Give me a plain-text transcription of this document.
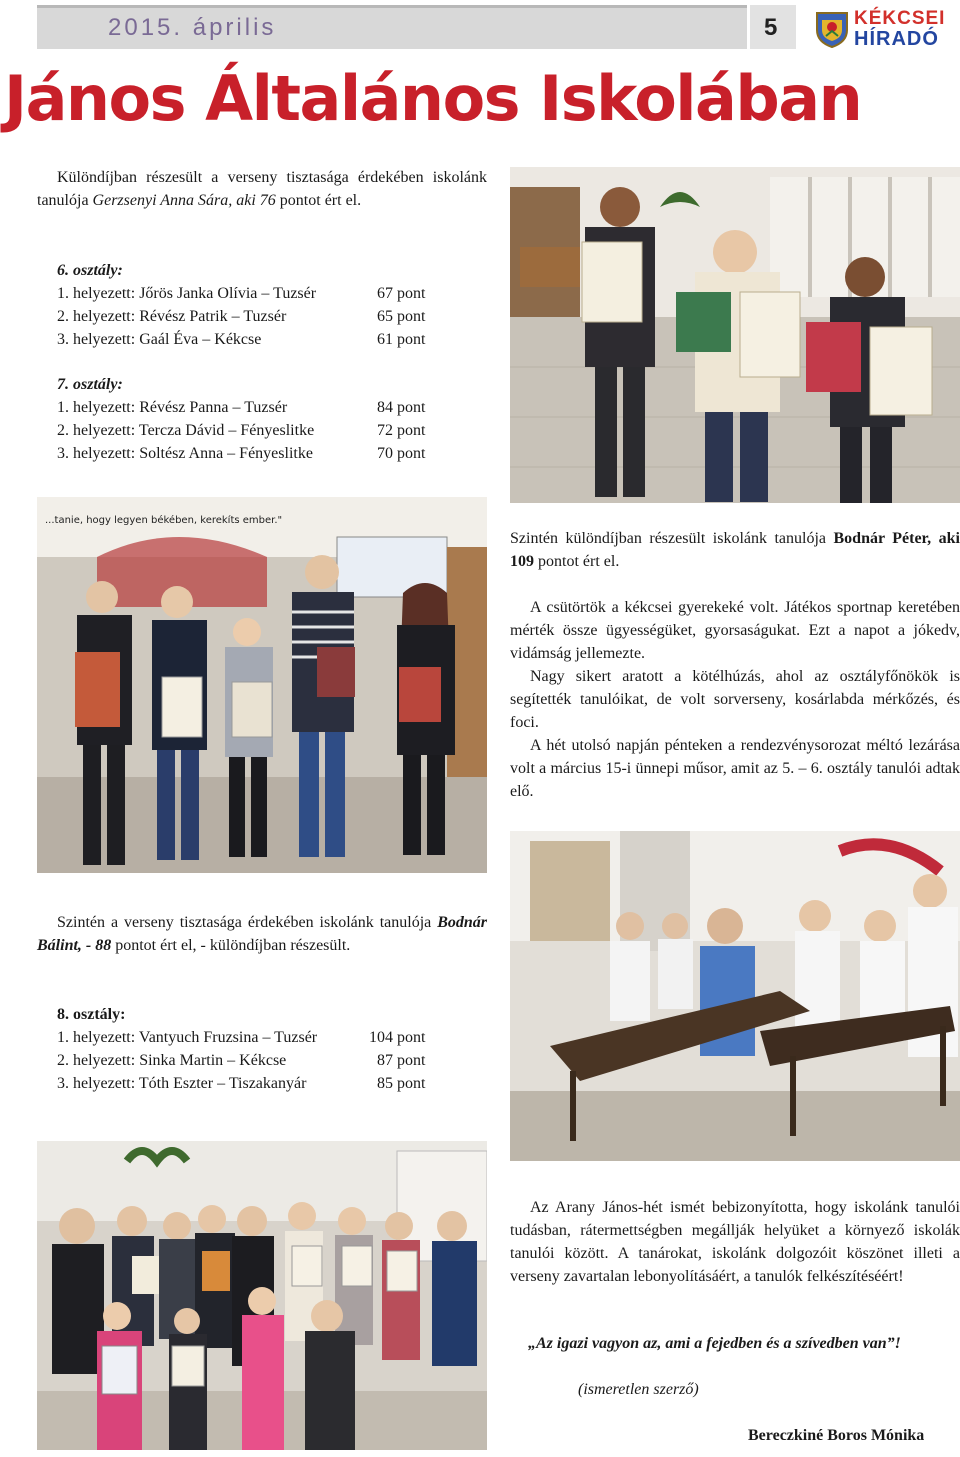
2015. április	5	KÉKCSEI
HÍRADÓ
János Általános Iskolában

Különdíjban részesült a verseny tisztasága érdekében iskolánk tanulója Gerzsenyi Anna Sára, aki 76 pontot ért el.

6. osztály:
1. helyezett: Jőrös Janka Olívia – Tuzsér	67 pont
2. helyezett: Révész Patrik – Tuzsér	65 pont
3. helyezett: Gaál Éva – Kékcse	61 pont
7. osztály:
1. helyezett: Révész Panna – Tuzsér	84 pont
2. helyezett: Tercza Dávid – Fényeslitke	72 pont
3. helyezett: Soltész Anna – Fényeslitke	70 pont
...tanie, hogy legyen békében, kerekíts ember."

Szintén különdíjban részesült iskolánk tanulója Bodnár Péter, aki 109 pontot ért el.

A csütörtök a kékcsei gyerekeké volt. Játékos sportnap keretében mérték össze ügyességüket, gyorsaságukat. Ezt a napot a jókedv, vidámság jellemezte.

Nagy sikert aratott a kötélhúzás, ahol az osztályfőnökök is segítették tanulóikat, de volt sorverseny, kosárlabda mérkőzés, és foci.

A hét utolsó napján pénteken a rendezvénysorozat méltó lezárása volt a március 15-i ünnepi műsor, amit az 5. – 6. osztály tanulói adtak elő.

Szintén a verseny tisztasága érdekében iskolánk tanulója Bodnár Bálint, - 88 pontot ért el, - különdíjban részesült.

8. osztály:
1. helyezett: Vantyuch Fruzsina – Tuzsér	104 pont
2. helyezett: Sinka Martin – Kékcse	87 pont
3. helyezett: Tóth Eszter – Tiszakanyár	85 pont

Az Arany János-hét ismét bebizonyította, hogy iskolánk tanulói tudásban, rátermettségben megállják helyüket a környező iskolák tanulói között. A tanárokat, iskolánk dolgozóit köszönet illeti a verseny zavartalan lebonyolításáért, a tanulók felkészítéséért!

„Az igazi vagyon az, ami a fejedben és a szívedben van”!
(ismeretlen szerző)
Bereczkiné Boros Mónika
